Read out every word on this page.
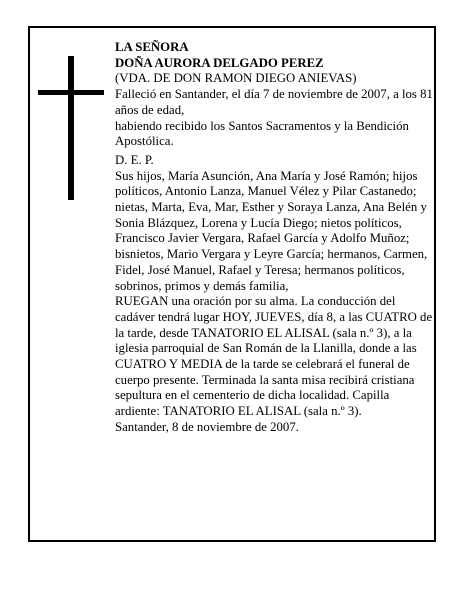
LA SEÑORA

DOÑA AURORA DELGADO PEREZ

(VDA. DE DON RAMON DIEGO ANIEVAS)

Falleció en Santander, el día 7 de noviembre de 2007, a los 81 años de edad,

habiendo recibido los Santos Sacramentos y la Bendición Apostólica.

D. E. P.

Sus hijos, María Asunción, Ana María y José Ramón; hijos políticos, Antonio Lanza, Manuel Vélez y Pilar Castanedo; nietas, Marta, Eva, Mar, Esther y Soraya Lanza, Ana Belén y Sonia Blázquez, Lorena y Lucía Diego; nietos políticos, Francisco Javier Vergara, Rafael García y Adolfo Muñoz; bisnietos, Mario Vergara y Leyre García; hermanos, Carmen, Fidel, José Manuel, Rafael y Teresa; hermanos políticos, sobrinos, primos y demás familia,

RUEGAN una oración por su alma. La conducción del cadáver tendrá lugar HOY, JUEVES, día 8, a las CUATRO de la tarde, desde TANATORIO EL ALISAL (sala n.º 3), a la iglesia parroquial de San Román de la Llanilla, donde a las CUATRO Y MEDIA de la tarde se celebrará el funeral de cuerpo presente. Terminada la santa misa recibirá cristiana sepultura en el cementerio de dicha localidad. Capilla ardiente: TANATORIO EL ALISAL (sala n.º 3).

Santander, 8 de noviembre de 2007.
